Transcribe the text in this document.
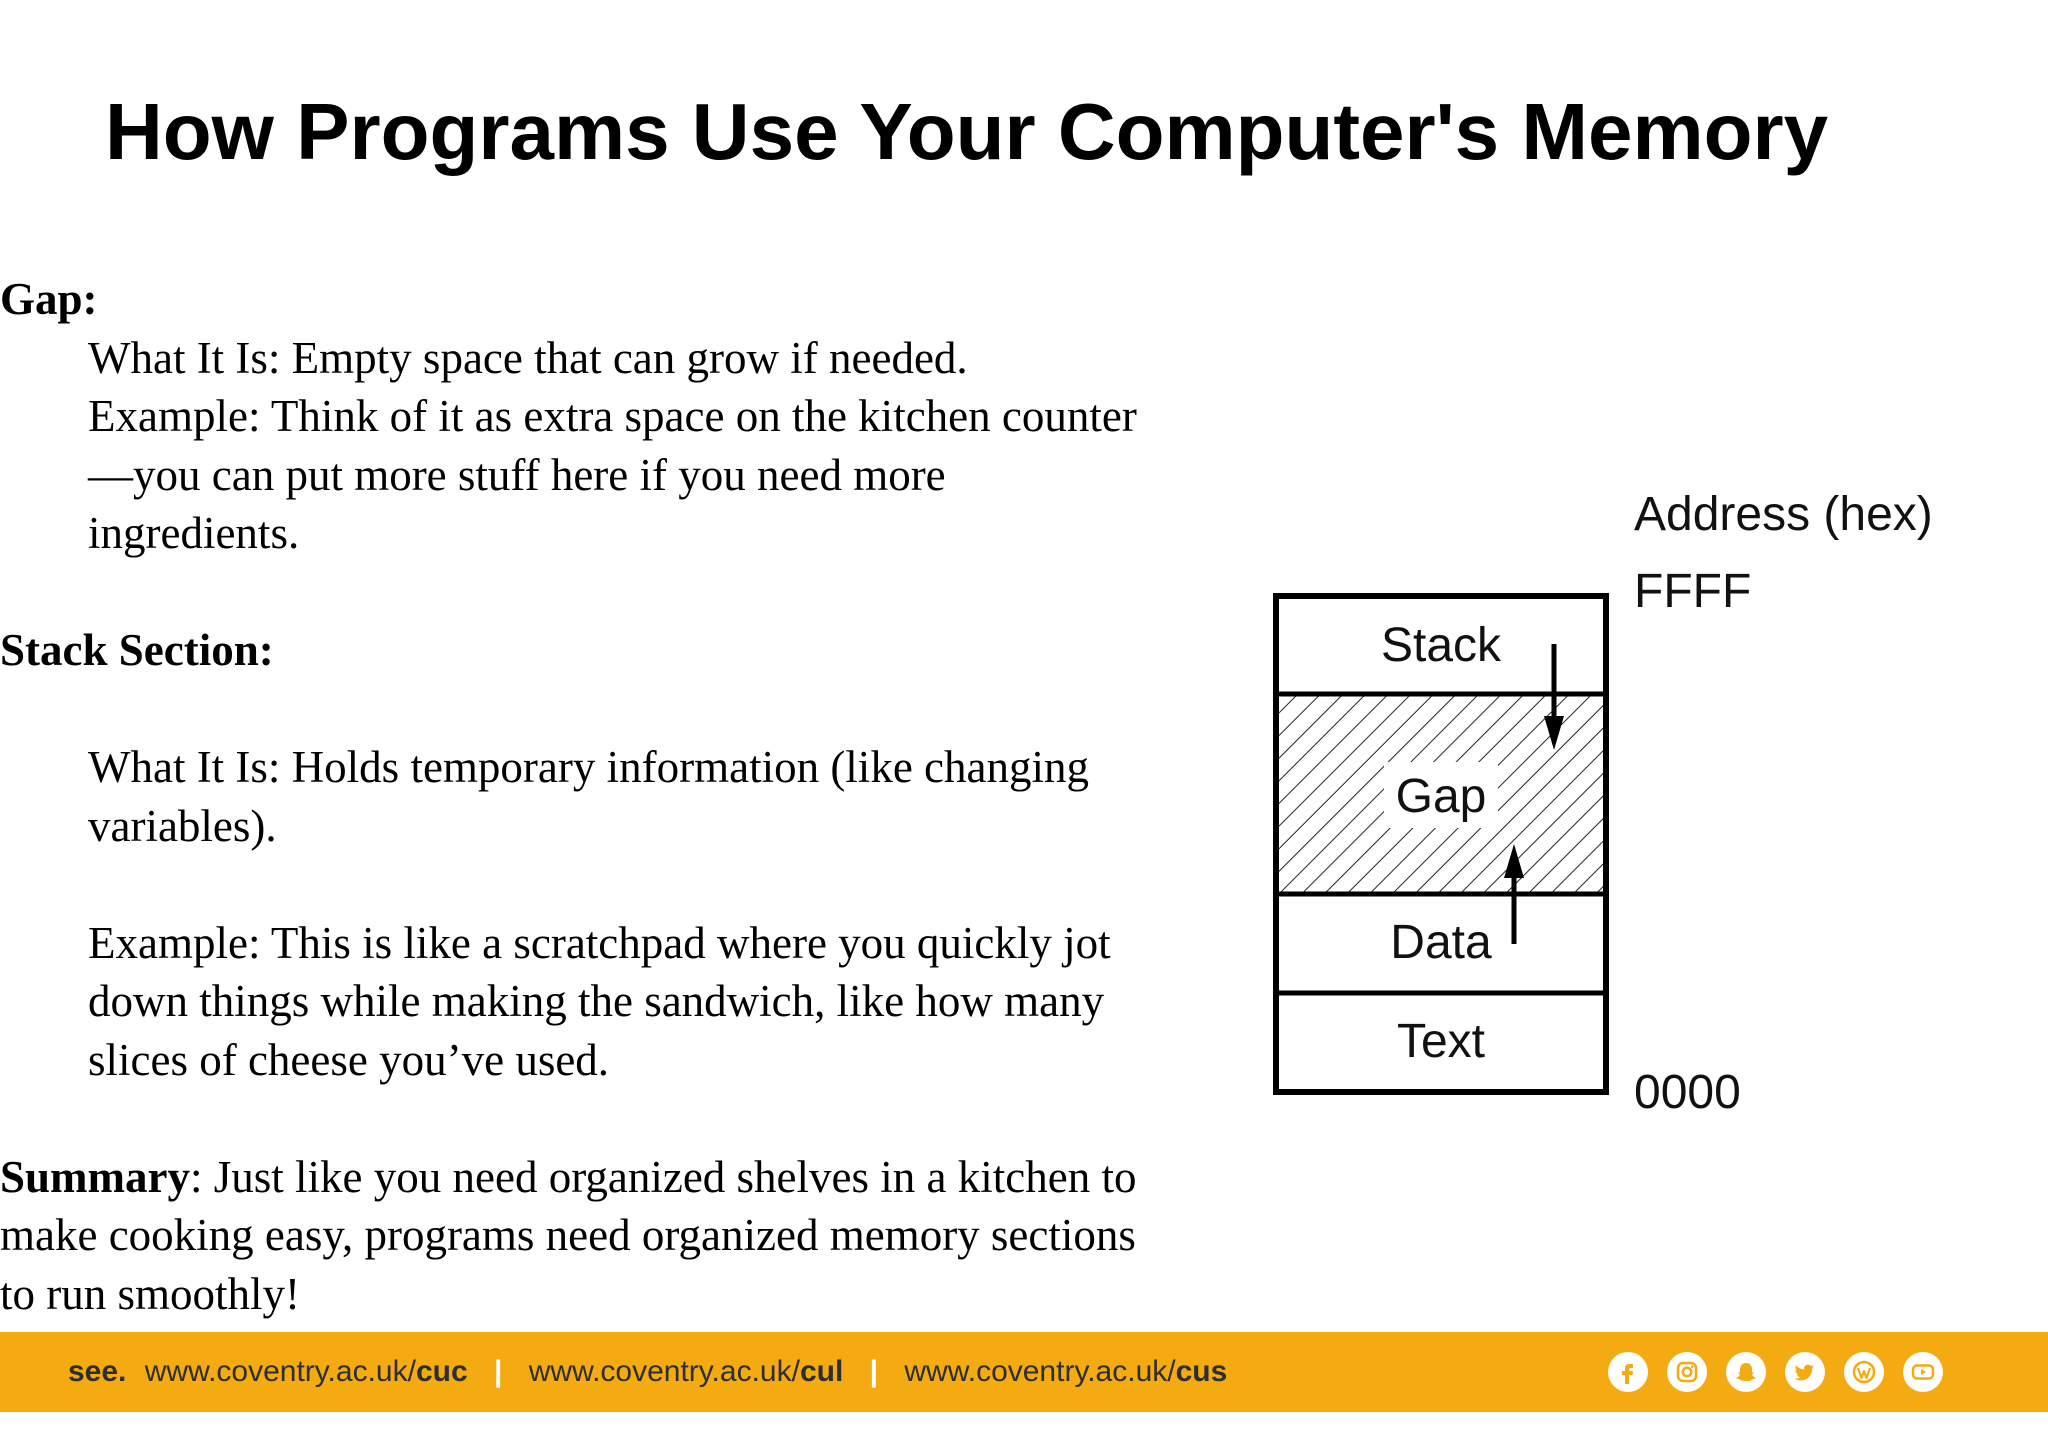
How Programs Use Your Computer's Memory

Gap:

What It Is: Empty space that can grow if needed.

Example: Think of it as extra space on the kitchen counter

—you can put more stuff here if you need more

ingredients.

Stack Section:

What It Is: Holds temporary information (like changing

variables).

Example: This is like a scratchpad where you quickly jot

down things while making the sandwich, like how many

slices of cheese you’ve used.

Summary: Just like you need organized shelves in a kitchen to

make cooking easy, programs need organized memory sections

to run smoothly!

Stack
Gap
Data
Text
Address (hex)
FFFF
0000
see. www.coventry.ac.uk/cuc | www.coventry.ac.uk/cul | www.coventry.ac.uk/cus
